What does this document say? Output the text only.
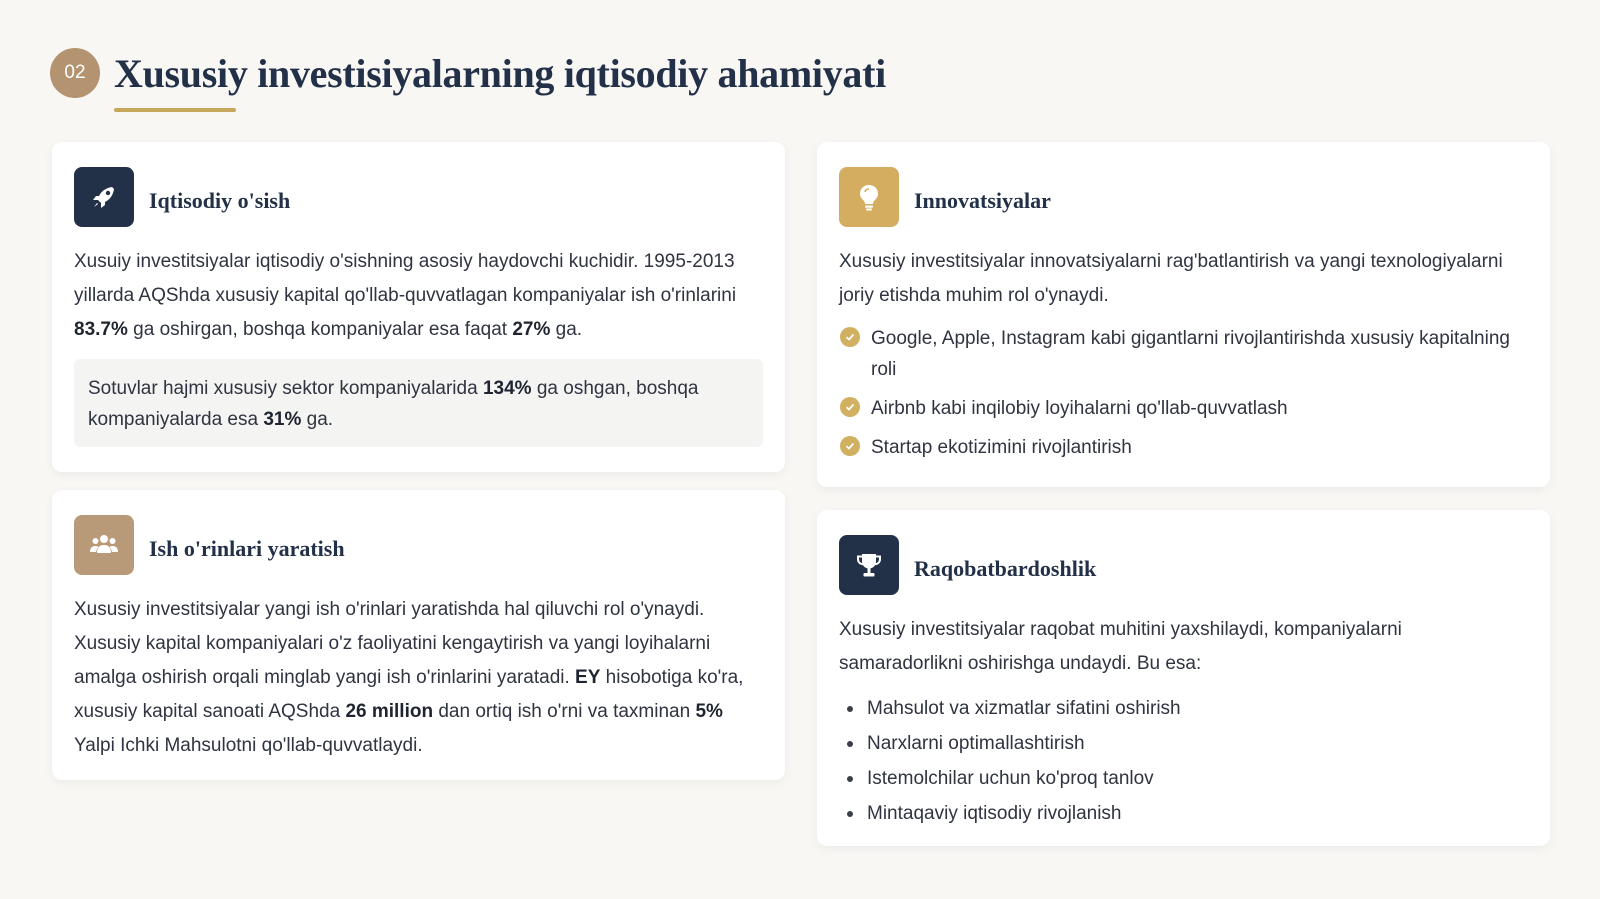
02 Xususiy investisiyalarning iqtisodiy ahamiyati
Iqtisodiy o'sish

Xusuiy investitsiyalar iqtisodiy o'sishning asosiy haydovchi kuchidir. 1995-2013 yillarda AQShda xususiy kapital qo'llab-quvvatlagan kompaniyalar ish o'rinlarini 83.7% ga oshirgan, boshqa kompaniyalar esa faqat 27% ga.

Sotuvlar hajmi xususiy sektor kompaniyalarida 134% ga oshgan, boshqa kompaniyalarda esa 31% ga.
Ish o'rinlari yaratish

Xususiy investitsiyalar yangi ish o'rinlari yaratishda hal qiluvchi rol o'ynaydi. Xususiy kapital kompaniyalari o'z faoliyatini kengaytirish va yangi loyihalarni amalga oshirish orqali minglab yangi ish o'rinlarini yaratadi. EY hisobotiga ko'ra, xususiy kapital sanoati AQShda 26 million dan ortiq ish o'rni va taxminan 5% Yalpi Ichki Mahsulotni qo'llab-quvvatlaydi.

Innovatsiyalar

Xususiy investitsiyalar innovatsiyalarni rag'batlantirish va yangi texnologiyalarni joriy etishda muhim rol o'ynaydi.

Google, Apple, Instagram kabi gigantlarni rivojlantirishda xususiy kapitalning roli
Airbnb kabi inqilobiy loyihalarni qo'llab-quvvatlash
Startap ekotizimini rivojlantirish
Raqobatbardoshlik

Xususiy investitsiyalar raqobat muhitini yaxshilaydi, kompaniyalarni samaradorlikni oshirishga undaydi. Bu esa:

Mahsulot va xizmatlar sifatini oshirish
Narxlarni optimallashtirish
Istemolchilar uchun ko'proq tanlov
Mintaqaviy iqtisodiy rivojlanish
